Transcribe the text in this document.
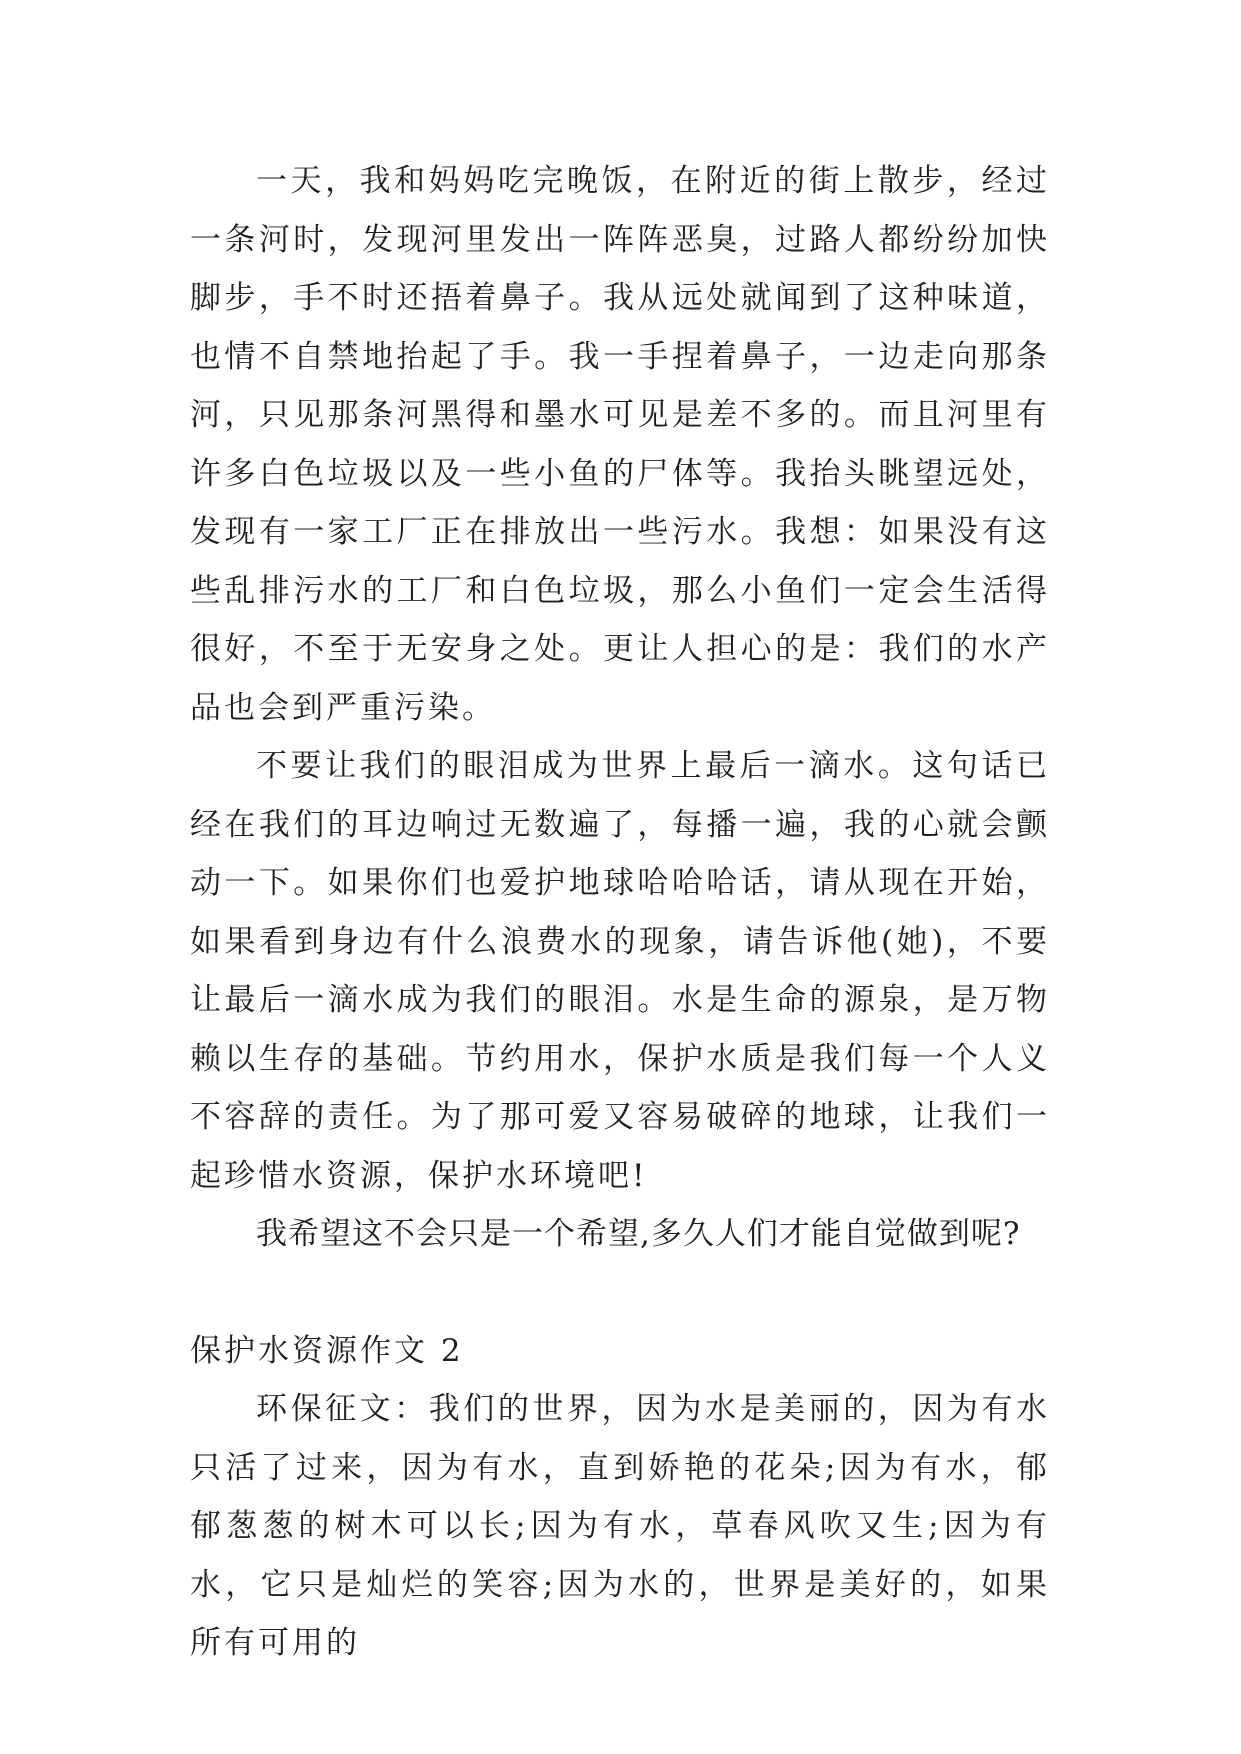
一天，我和妈妈吃完晚饭，在附近的街上散步，经过一条河时，发现河里发出一阵阵恶臭，过路人都纷纷加快脚步，手不时还捂着鼻子。我从远处就闻到了这种味道，也情不自禁地抬起了手。我一手捏着鼻子，一边走向那条河，只见那条河黑得和墨水可见是差不多的。而且河里有许多白色垃圾以及一些小鱼的尸体等。我抬头眺望远处，发现有一家工厂正在排放出一些污水。我想：如果没有这些乱排污水的工厂和白色垃圾，那么小鱼们一定会生活得很好，不至于无安身之处。更让人担心的是：我们的水产品也会到严重污染。

不要让我们的眼泪成为世界上最后一滴水。这句话已经在我们的耳边响过无数遍了，每播一遍，我的心就会颤动一下。如果你们也爱护地球哈哈哈话，请从现在开始，如果看到身边有什么浪费水的现象，请告诉他(她)，不要让最后一滴水成为我们的眼泪。水是生命的源泉，是万物赖以生存的基础。节约用水，保护水质是我们每一个人义不容辞的责任。为了那可爱又容易破碎的地球，让我们一起珍惜水资源，保护水环境吧!

我希望这不会只是一个希望,多久人们才能自觉做到呢?

保护水资源作文 2

环保征文：我们的世界，因为水是美丽的，因为有水只活了过来，因为有水，直到娇艳的花朵;因为有水，郁郁葱葱的树木可以长;因为有水，草春风吹又生;因为有水，它只是灿烂的笑容;因为水的，世界是美好的，如果所有可用的
